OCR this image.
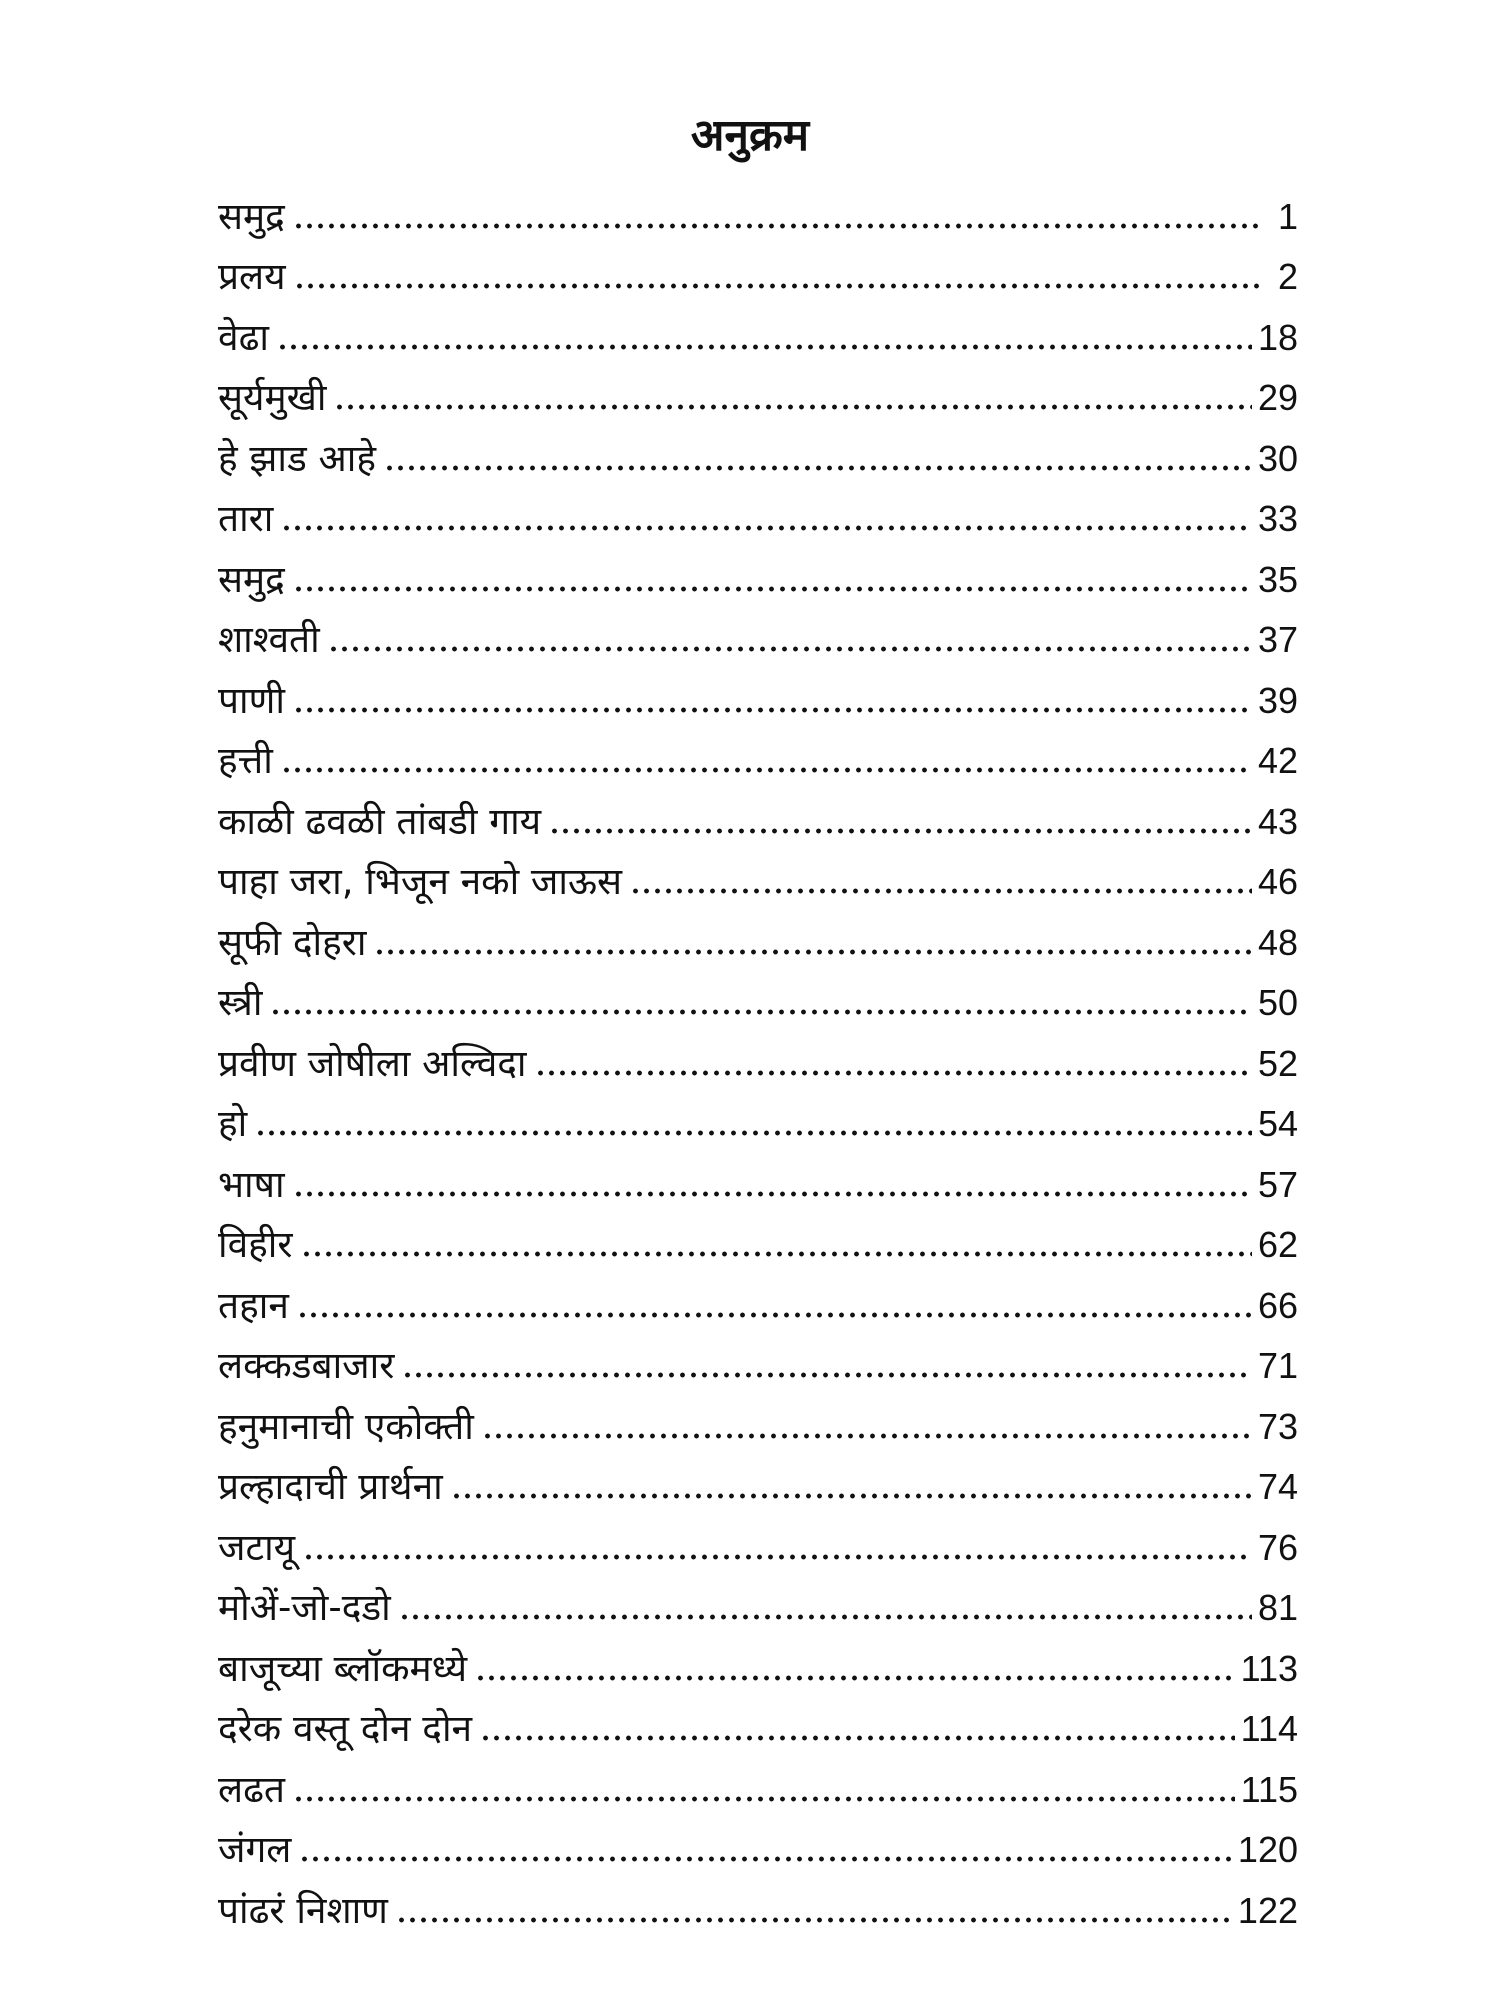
अनुक्रम
समुद्र	1
प्रलय	2
वेढा	18
सूर्यमुखी	29
हे झाड आहे	30
तारा	33
समुद्र	35
शाश्वती	37
पाणी	39
हत्ती	42
काळी ढवळी तांबडी गाय	43
पाहा जरा, भिजून नको जाऊस	46
सूफी दोहरा	48
स्त्री	50
प्रवीण जोषीला अल्विदा	52
हो	54
भाषा	57
विहीर	62
तहान	66
लक्कडबाजार	71
हनुमानाची एकोक्ती	73
प्रल्हादाची प्रार्थना	74
जटायू	76
मोअें-जो-दडो	81
बाजूच्या ब्लॉकमध्ये	113
दरेक वस्तू दोन दोन	114
लढत	115
जंगल	120
पांढरं निशाण	122
